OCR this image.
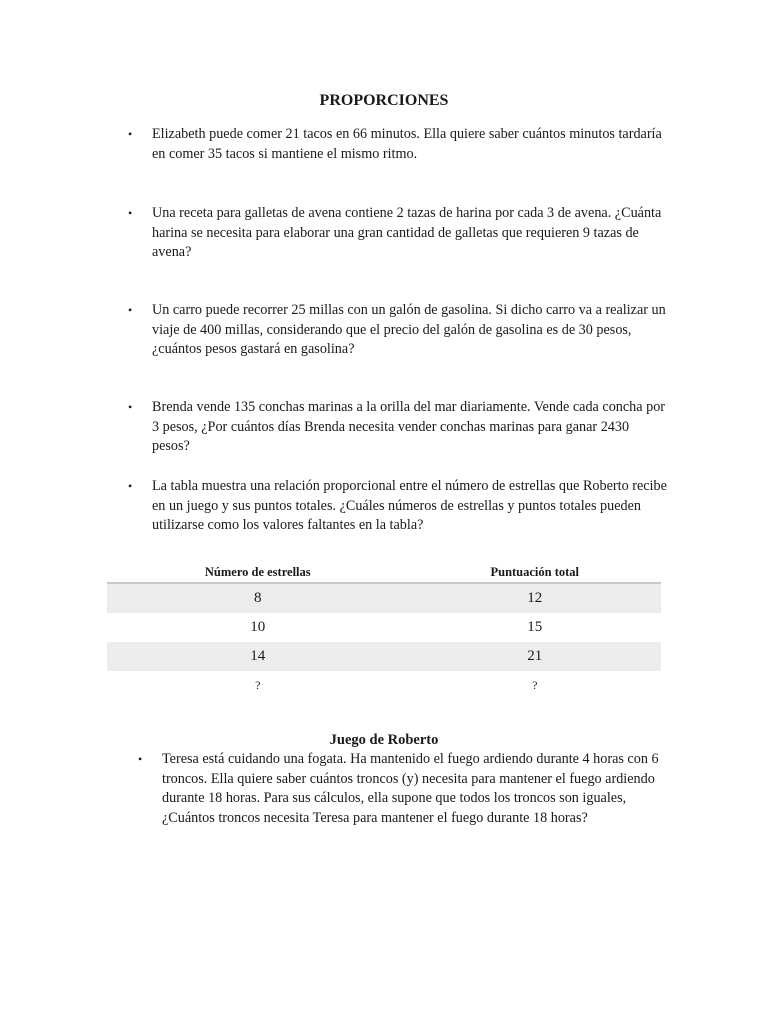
PROPORCIONES
• Elizabeth puede comer 21 tacos en 66 minutos. Ella quiere saber cuántos minutos tardaría en comer 35 tacos si mantiene el mismo ritmo.
• Una receta para galletas de avena contiene 2 tazas de harina por cada 3 de avena. ¿Cuánta harina se necesita para elaborar una gran cantidad de galletas que requieren 9 tazas de avena?
• Un carro puede recorrer 25 millas con un galón de gasolina. Si dicho carro va a realizar un viaje de 400 millas, considerando que el precio del galón de gasolina es de 30 pesos, ¿cuántos pesos gastará en gasolina?
• Brenda vende 135 conchas marinas a la orilla del mar diariamente. Vende cada concha por 3 pesos, ¿Por cuántos días Brenda necesita vender conchas marinas para ganar 2430 pesos?
• La tabla muestra una relación proporcional entre el número de estrellas que Roberto recibe en un juego y sus puntos totales. ¿Cuáles números de estrellas y puntos totales pueden utilizarse como los valores faltantes en la tabla?
Número de estrellas	Puntuación total
8	12
10	15
14	21
?	?
Juego de Roberto
• Teresa está cuidando una fogata. Ha mantenido el fuego ardiendo durante 4 horas con 6 troncos. Ella quiere saber cuántos troncos (y) necesita para mantener el fuego ardiendo durante 18 horas. Para sus cálculos, ella supone que todos los troncos son iguales, ¿Cuántos troncos necesita Teresa para mantener el fuego durante 18 horas?
